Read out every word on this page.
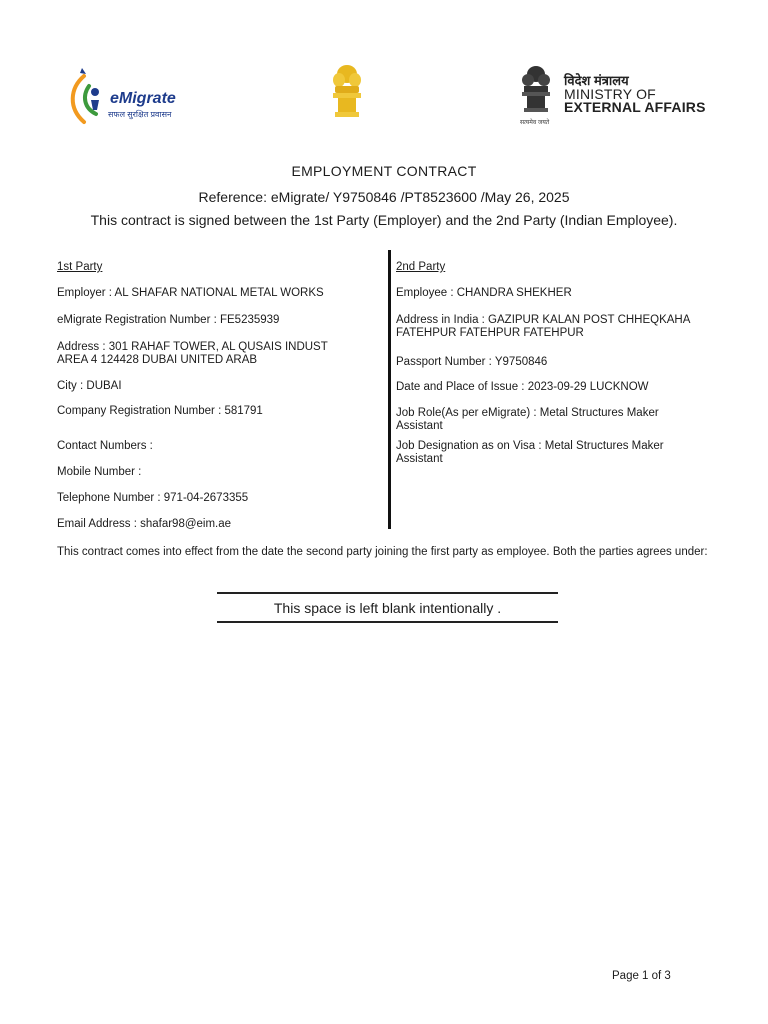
eMigrate
सफल सुरक्षित प्रवासन
विदेश मंत्रालय
MINISTRY OF
EXTERNAL AFFAIRS
सत्यमेव जयते
EMPLOYMENT CONTRACT
Reference: eMigrate/ Y9750846 /PT8523600 /May 26, 2025
This contract is signed between the 1st Party (Employer) and the 2nd Party (Indian Employee).
1st Party
Employer : AL SHAFAR NATIONAL METAL WORKS
eMigrate Registration Number : FE5235939
Address : 301 RAHAF TOWER, AL QUSAIS INDUST
AREA 4 124428 DUBAI UNITED ARAB
City : DUBAI
Company Registration Number : 581791
Contact Numbers :
Mobile Number :
Telephone Number : 971-04-2673355
Email Address : shafar98@eim.ae
2nd Party
Employee : CHANDRA SHEKHER
Address in India : GAZIPUR KALAN POST CHHEQKAHA
FATEHPUR FATEHPUR FATEHPUR
Passport Number : Y9750846
Date and Place of Issue : 2023-09-29 LUCKNOW
Job Role(As per eMigrate) : Metal Structures Maker
Assistant
Job Designation as on Visa : Metal Structures Maker
Assistant
This contract comes into effect from the date the second party joining the first party as employee. Both the parties agrees under:
This space is left blank intentionally .
Page 1 of 3
